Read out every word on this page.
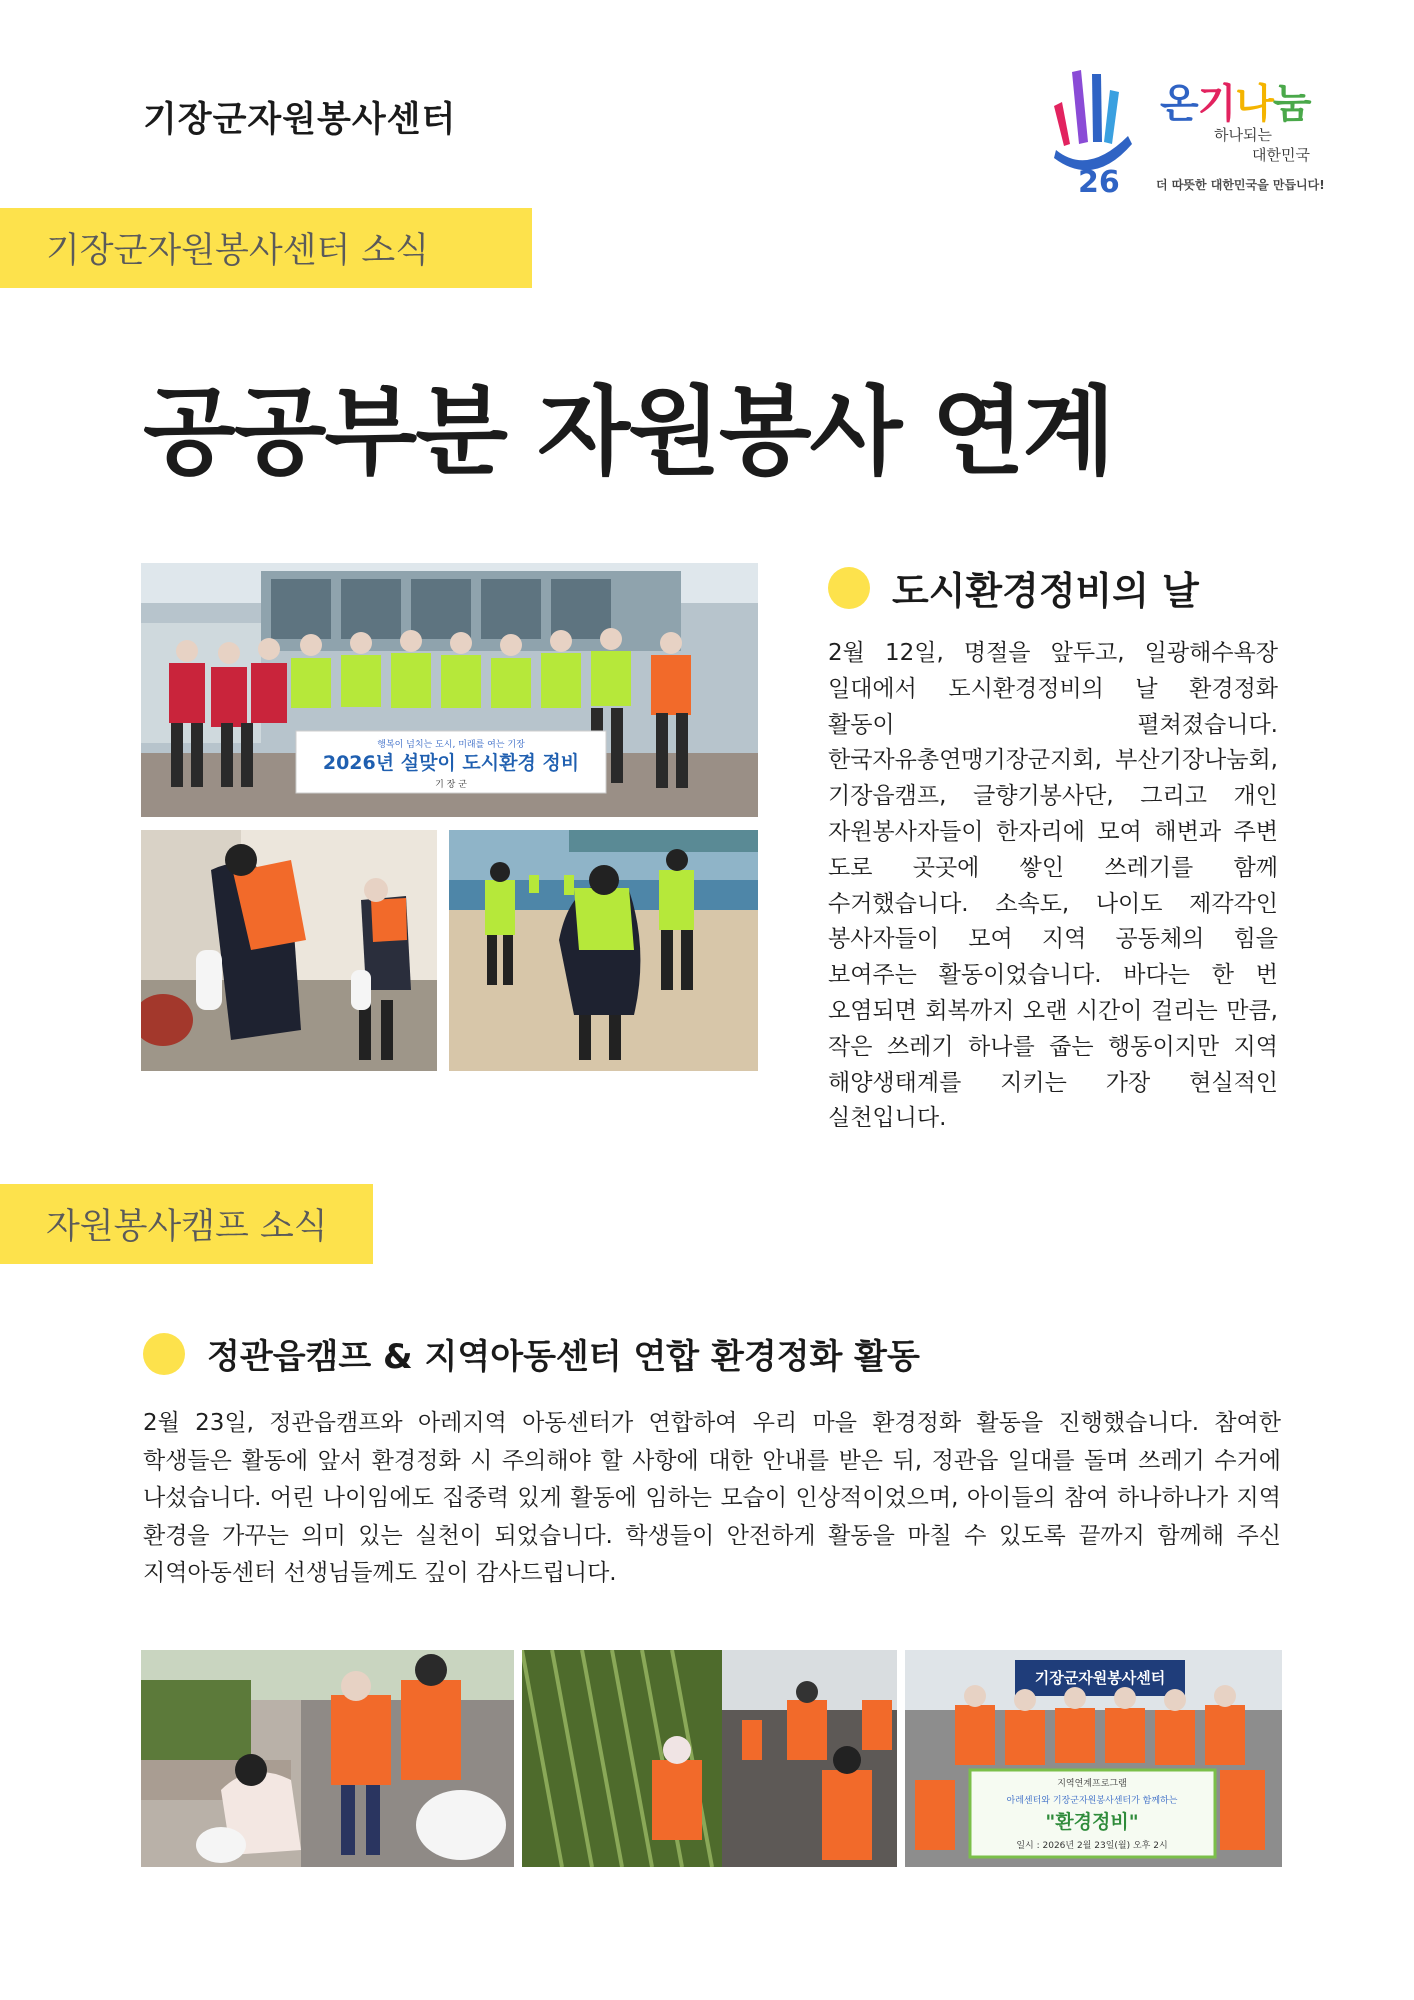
기장군자원봉사센터
26
온기나눔
하나되는
대한민국
더 따뜻한 대한민국을 만듭니다!
기장군자원봉사센터 소식
공공부분 자원봉사 연계
행복이 넘치는 도시, 미래를 여는 기장
2026년 설맞이 도시환경 정비
기 장 군
도시환경정비의 날
2월 12일, 명절을 앞두고, 일광해수욕장 일대에서 도시환경정비의 날 환경정화 활동이 펼쳐졌습니다. 한국자유총연맹기장군지회, 부산기장나눔회, 기장읍캠프, 글향기봉사단, 그리고 개인 자원봉사자들이 한자리에 모여 해변과 주변 도로 곳곳에 쌓인 쓰레기를 함께 수거했습니다. 소속도, 나이도 제각각인 봉사자들이 모여 지역 공동체의 힘을 보여주는 활동이었습니다. 바다는 한 번 오염되면 회복까지 오랜 시간이 걸리는 만큼, 작은 쓰레기 하나를 줍는 행동이지만 지역 해양생태계를 지키는 가장 현실적인 실천입니다.
자원봉사캠프 소식
정관읍캠프 & 지역아동센터 연합 환경정화 활동
2월 23일, 정관읍캠프와 아레지역 아동센터가 연합하여 우리 마을 환경정화 활동을 진행했습니다. 참여한 학생들은 활동에 앞서 환경정화 시 주의해야 할 사항에 대한 안내를 받은 뒤, 정관읍 일대를 돌며 쓰레기 수거에 나섰습니다. 어린 나이임에도 집중력 있게 활동에 임하는 모습이 인상적이었으며, 아이들의 참여 하나하나가 지역 환경을 가꾸는 의미 있는 실천이 되었습니다. 학생들이 안전하게 활동을 마칠 수 있도록 끝까지 함께해 주신 지역아동센터 선생님들께도 깊이 감사드립니다.
기장군자원봉사센터
지역연계프로그램
아레센터와 기장군자원봉사센터가 함께하는
"환경정비"
일시 : 2026년 2월 23일(월) 오후 2시
